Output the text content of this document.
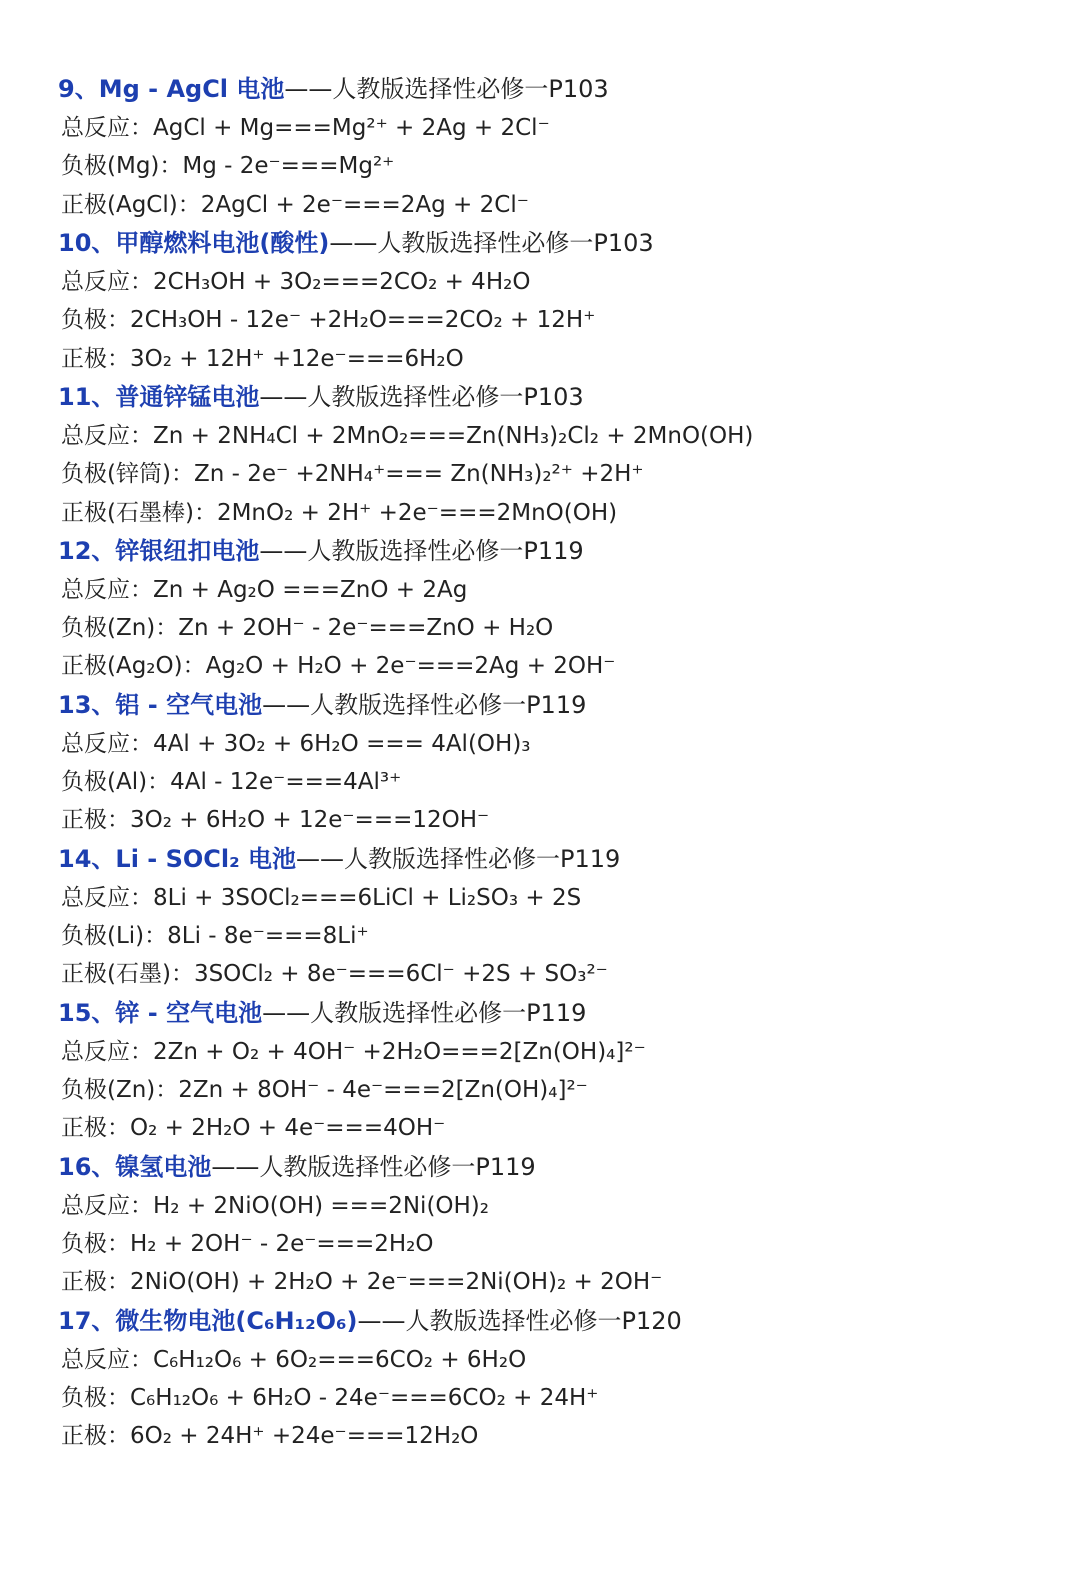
9、Mg - AgCl 电池——人教版选择性必修一P103
总反应：AgCl + Mg===Mg²⁺ + 2Ag + 2Cl⁻
负极(Mg)：Mg - 2e⁻===Mg²⁺
正极(AgCl)：2AgCl + 2e⁻===2Ag + 2Cl⁻
10、甲醇燃料电池(酸性)——人教版选择性必修一P103
总反应：2CH₃OH + 3O₂===2CO₂ + 4H₂O
负极：2CH₃OH - 12e⁻ +2H₂O===2CO₂ + 12H⁺
正极：3O₂ + 12H⁺ +12e⁻===6H₂O
11、普通锌锰电池——人教版选择性必修一P103
总反应：Zn + 2NH₄Cl + 2MnO₂===Zn(NH₃)₂Cl₂ + 2MnO(OH)
负极(锌筒)：Zn - 2e⁻ +2NH₄⁺=== Zn(NH₃)₂²⁺ +2H⁺
正极(石墨棒)：2MnO₂ + 2H⁺ +2e⁻===2MnO(OH)
12、锌银纽扣电池——人教版选择性必修一P119
总反应：Zn + Ag₂O ===ZnO + 2Ag
负极(Zn)：Zn + 2OH⁻ - 2e⁻===ZnO + H₂O
正极(Ag₂O)：Ag₂O + H₂O + 2e⁻===2Ag + 2OH⁻
13、铝 - 空气电池——人教版选择性必修一P119
总反应：4Al + 3O₂ + 6H₂O === 4Al(OH)₃
负极(Al)：4Al - 12e⁻===4Al³⁺
正极：3O₂ + 6H₂O + 12e⁻===12OH⁻
14、Li - SOCl₂ 电池——人教版选择性必修一P119
总反应：8Li + 3SOCl₂===6LiCl + Li₂SO₃ + 2S
负极(Li)：8Li - 8e⁻===8Li⁺
正极(石墨)：3SOCl₂ + 8e⁻===6Cl⁻ +2S + SO₃²⁻
15、锌 - 空气电池——人教版选择性必修一P119
总反应：2Zn + O₂ + 4OH⁻ +2H₂O===2[Zn(OH)₄]²⁻
负极(Zn)：2Zn + 8OH⁻ - 4e⁻===2[Zn(OH)₄]²⁻
正极：O₂ + 2H₂O + 4e⁻===4OH⁻
16、镍氢电池——人教版选择性必修一P119
总反应：H₂ + 2NiO(OH) ===2Ni(OH)₂
负极：H₂ + 2OH⁻ - 2e⁻===2H₂O
正极：2NiO(OH) + 2H₂O + 2e⁻===2Ni(OH)₂ + 2OH⁻
17、微生物电池(C₆H₁₂O₆)——人教版选择性必修一P120
总反应：C₆H₁₂O₆ + 6O₂===6CO₂ + 6H₂O
负极：C₆H₁₂O₆ + 6H₂O - 24e⁻===6CO₂ + 24H⁺
正极：6O₂ + 24H⁺ +24e⁻===12H₂O
